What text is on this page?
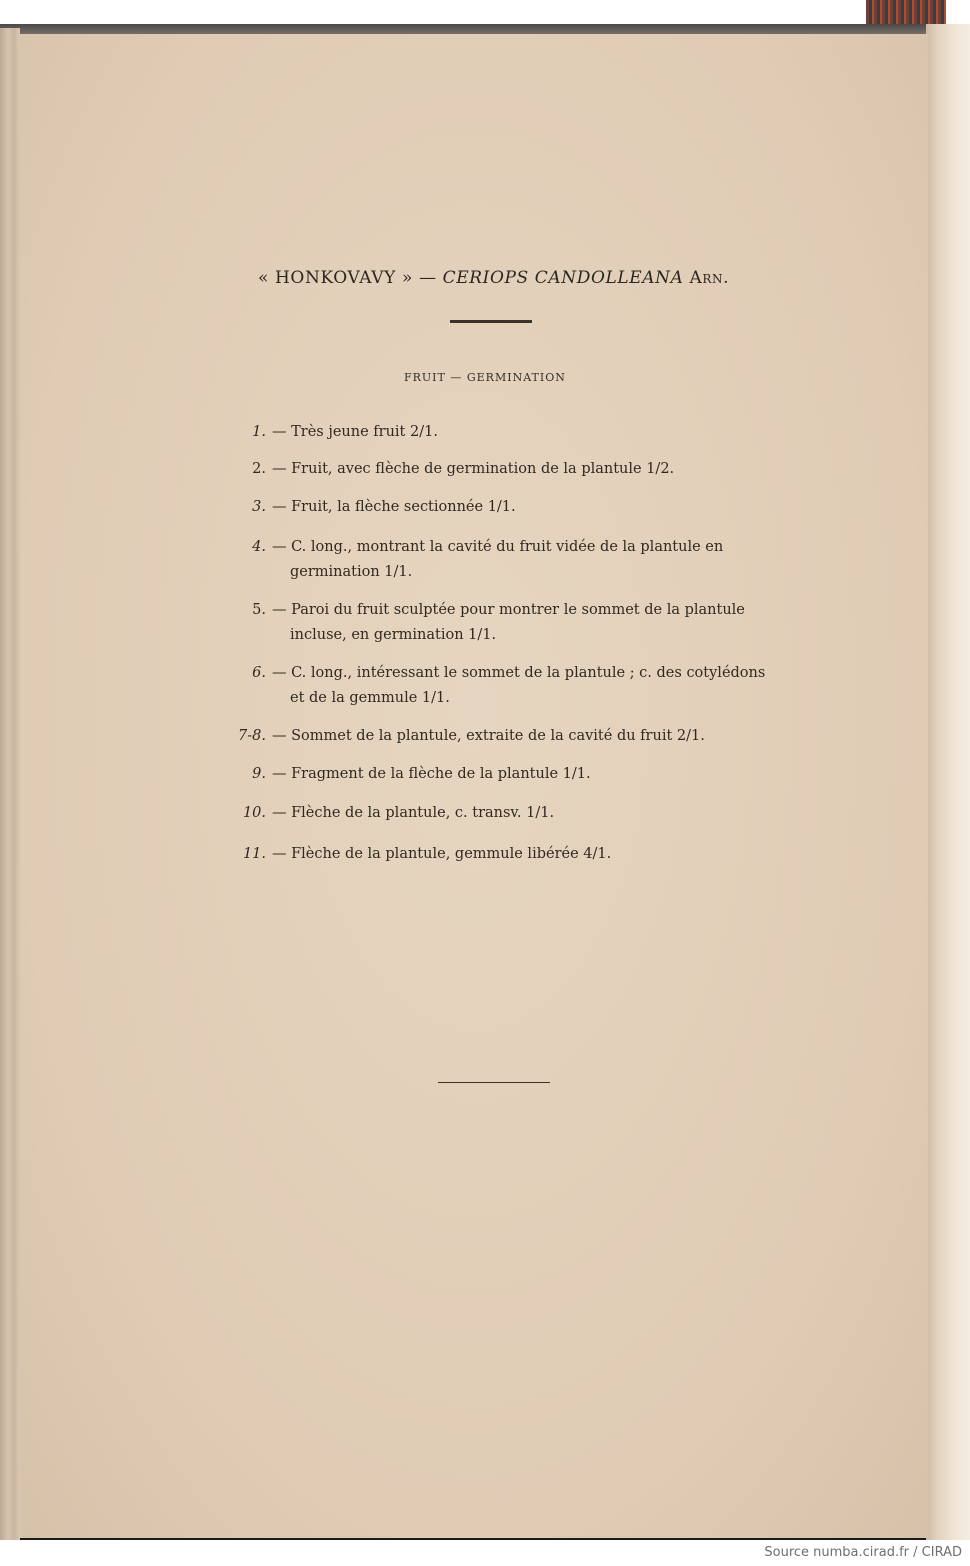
« HONKOVAVY » — CERIOPS CANDOLLEANA Arn.
FRUIT — GERMINATION
1. — Très jeune fruit 2/1.
2. — Fruit, avec flèche de germination de la plantule 1/2.
3. — Fruit, la flèche sectionnée 1/1.
4. — C. long., montrant la cavité du fruit vidée de la plantule en
germination 1/1.
5. — Paroi du fruit sculptée pour montrer le sommet de la plantule
incluse, en germination 1/1.
6. — C. long., intéressant le sommet de la plantule ; c. des cotylédons
et de la gemmule 1/1.
7-8. — Sommet de la plantule, extraite de la cavité du fruit 2/1.
9. — Fragment de la flèche de la plantule 1/1.
10. — Flèche de la plantule, c. transv. 1/1.
11. — Flèche de la plantule, gemmule libérée 4/1.
Source numba.cirad.fr / CIRAD
